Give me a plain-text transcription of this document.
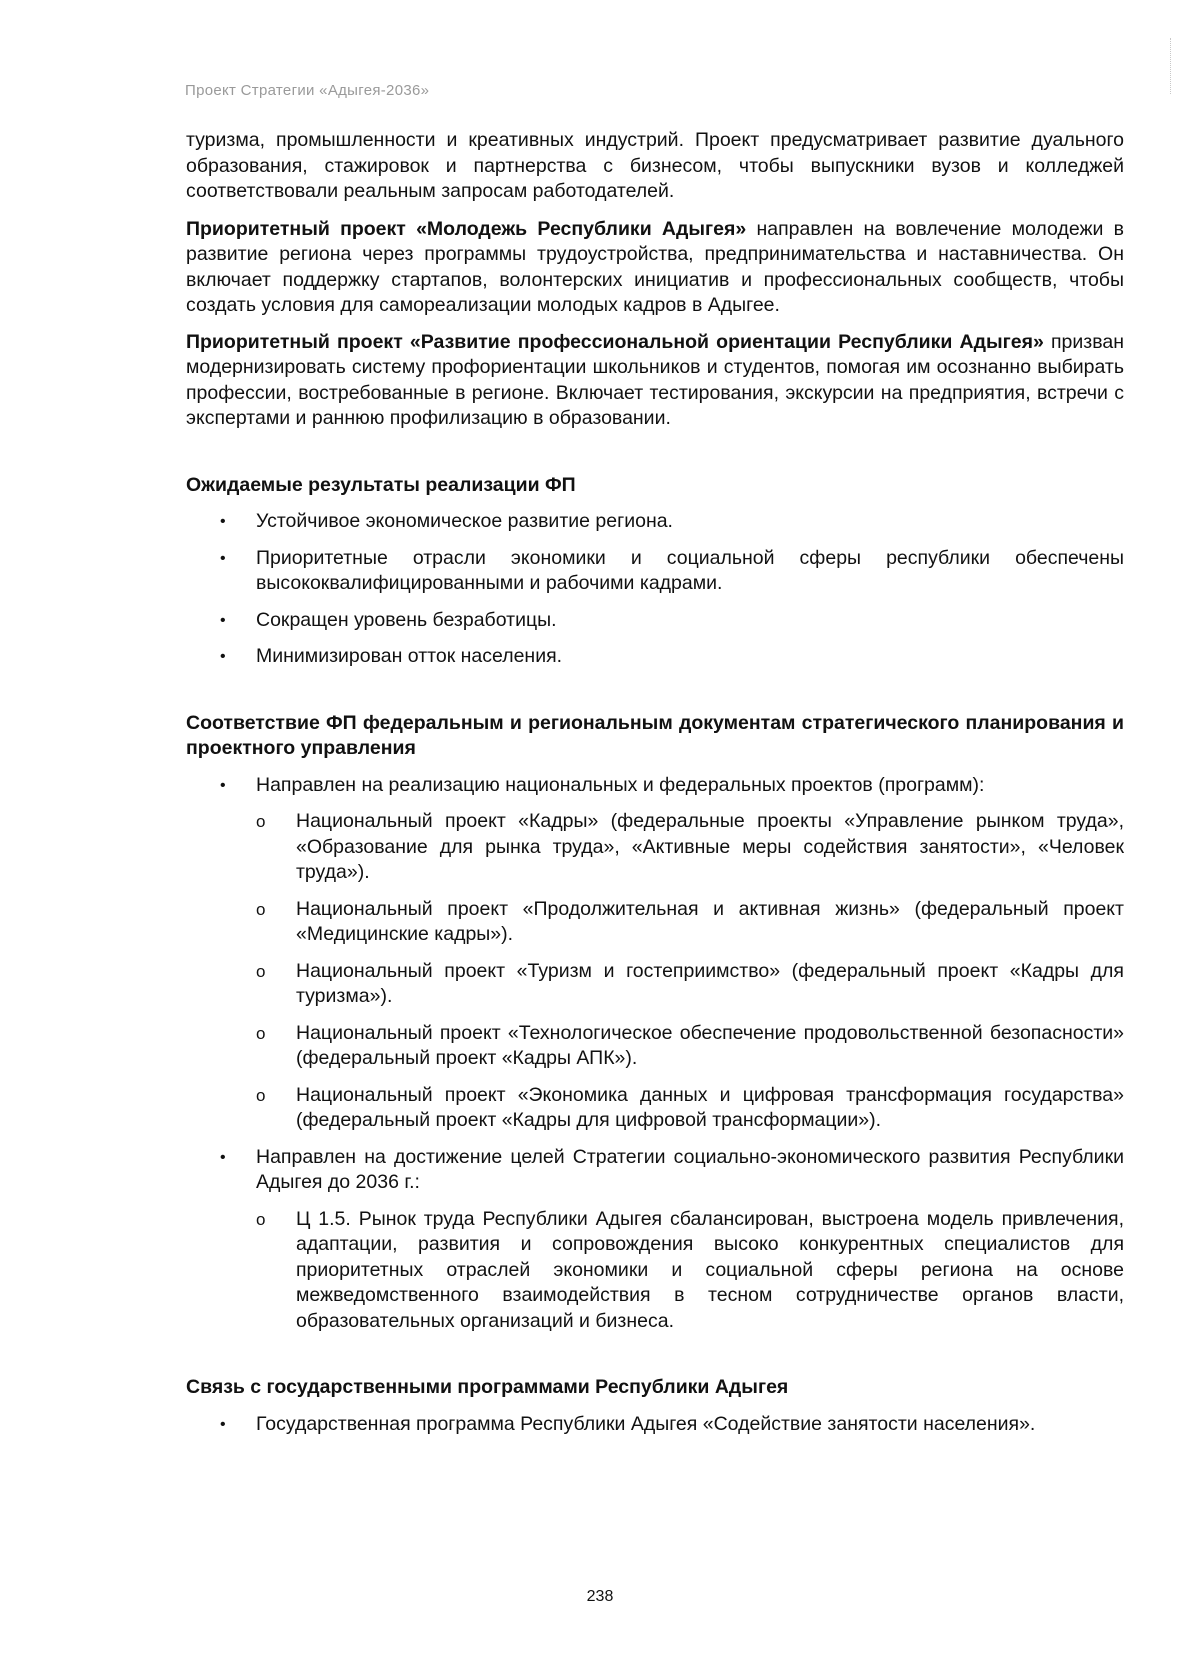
Проект Стратегии «Адыгея-2036»

туризма, промышленности и креативных индустрий. Проект предусматривает развитие дуального образования, стажировок и партнерства с бизнесом, чтобы выпускники вузов и колледжей соответствовали реальным запросам работодателей.

Приоритетный проект «Молодежь Республики Адыгея» направлен на вовлечение молодежи в развитие региона через программы трудоустройства, предпринимательства и наставничества. Он включает поддержку стартапов, волонтерских инициатив и профессиональных сообществ, чтобы создать условия для самореализации молодых кадров в Адыгее.

Приоритетный проект «Развитие профессиональной ориентации Республики Адыгея» призван модернизировать систему профориентации школьников и студентов, помогая им осознанно выбирать профессии, востребованные в регионе. Включает тестирования, экскурсии на предприятия, встречи с экспертами и раннюю профилизацию в образовании.

Ожидаемые результаты реализации ФП
• Устойчивое экономическое развитие региона.
• Приоритетные отрасли экономики и социальной сферы республики обеспечены высококвалифицированными и рабочими кадрами.
• Сокращен уровень безработицы.
• Минимизирован отток населения.
Соответствие ФП федеральным и региональным документам стратегического планирования и проектного управления
• Направлен на реализацию национальных и федеральных проектов (программ):
o Национальный проект «Кадры» (федеральные проекты «Управление рынком труда», «Образование для рынка труда», «Активные меры содействия занятости», «Человек труда»).
o Национальный проект «Продолжительная и активная жизнь» (федеральный проект «Медицинские кадры»).
o Национальный проект «Туризм и гостеприимство» (федеральный проект «Кадры для туризма»).
o Национальный проект «Технологическое обеспечение продовольственной безопасности» (федеральный проект «Кадры АПК»).
o Национальный проект «Экономика данных и цифровая трансформация государства» (федеральный проект «Кадры для цифровой трансформации»).
• Направлен на достижение целей Стратегии социально-экономического развития Республики Адыгея до 2036 г.:
o Ц 1.5. Рынок труда Республики Адыгея сбалансирован, выстроена модель привлечения, адаптации, развития и сопровождения высоко конкурентных специалистов для приоритетных отраслей экономики и социальной сферы региона на основе межведомственного взаимодействия в тесном сотрудничестве органов власти, образовательных организаций и бизнеса.
Связь с государственными программами Республики Адыгея
• Государственная программа Республики Адыгея «Содействие занятости населения».
238
